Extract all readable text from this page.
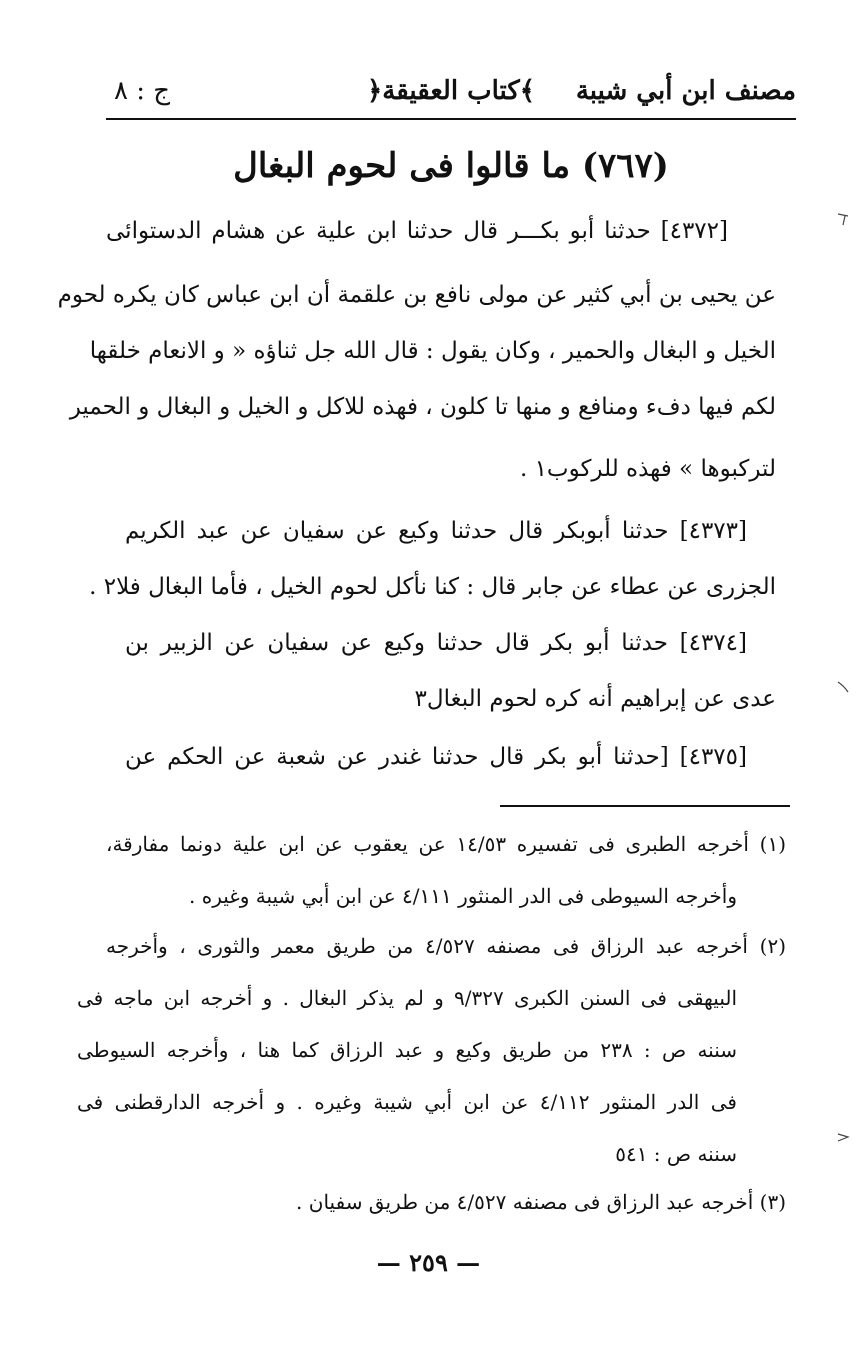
مصنف ابن أبي شيبة
﴿كتاب العقيقة﴾
ج : ٨
(٧٦٧) ما قالوا فى لحوم البغال
[٤٣٧٢] حدثنا أبو بكـــر قال حدثنا ابن علية عن هشام الدستوائى
عن يحيى بن أبي كثير عن مولى نافع بن علقمة أن ابن عباس كان يكره لحوم
الخيل و البغال والحمير ، وكان يقول : قال الله جل ثناؤه « و الانعام خلقها
لكم فيها دفء ومنافع و منها تا كلون ، فهذه للاكل و الخيل و البغال و الحمير
لتركبوها » فهذه للركوب١ .
[٤٣٧٣] حدثنا أبوبكر قال حدثنا وكيع عن سفيان عن عبد الكريم
الجزرى عن عطاء عن جابر قال : كنا نأكل لحوم الخيل ، فأما البغال فلا٢ .
[٤٣٧٤] حدثنا أبو بكر قال حدثنا وكيع عن سفيان عن الزبير بن
عدى عن إبراهيم أنه كره لحوم البغال٣
[٤٣٧٥] [حدثنا أبو بكر قال حدثنا غندر عن شعبة عن الحكم عن
(١) أخرجه الطبرى فى تفسيره ١٤/٥٣ عن يعقوب عن ابن علية دونما مفارقة،
وأخرجه السيوطى فى الدر المنثور ٤/١١١ عن ابن أبي شيبة وغيره .
(٢) أخرجه عبد الرزاق فى مصنفه ٤/٥٢٧ من طريق معمر والثورى ، وأخرجه
البيهقى فى السنن الكبرى ٩/٣٢٧ و لم يذكر البغال . و أخرجه ابن ماجه فى
سننه ص : ٢٣٨ من طريق وكيع و عبد الرزاق كما هنا ، وأخرجه السيوطى
فى الدر المنثور ٤/١١٢ عن ابن أبي شيبة وغيره . و أخرجه الدارقطنى فى
سننه ص : ٥٤١
(٣) أخرجه عبد الرزاق فى مصنفه ٤/٥٢٧ من طريق سفيان .
— ٢٥٩ —
